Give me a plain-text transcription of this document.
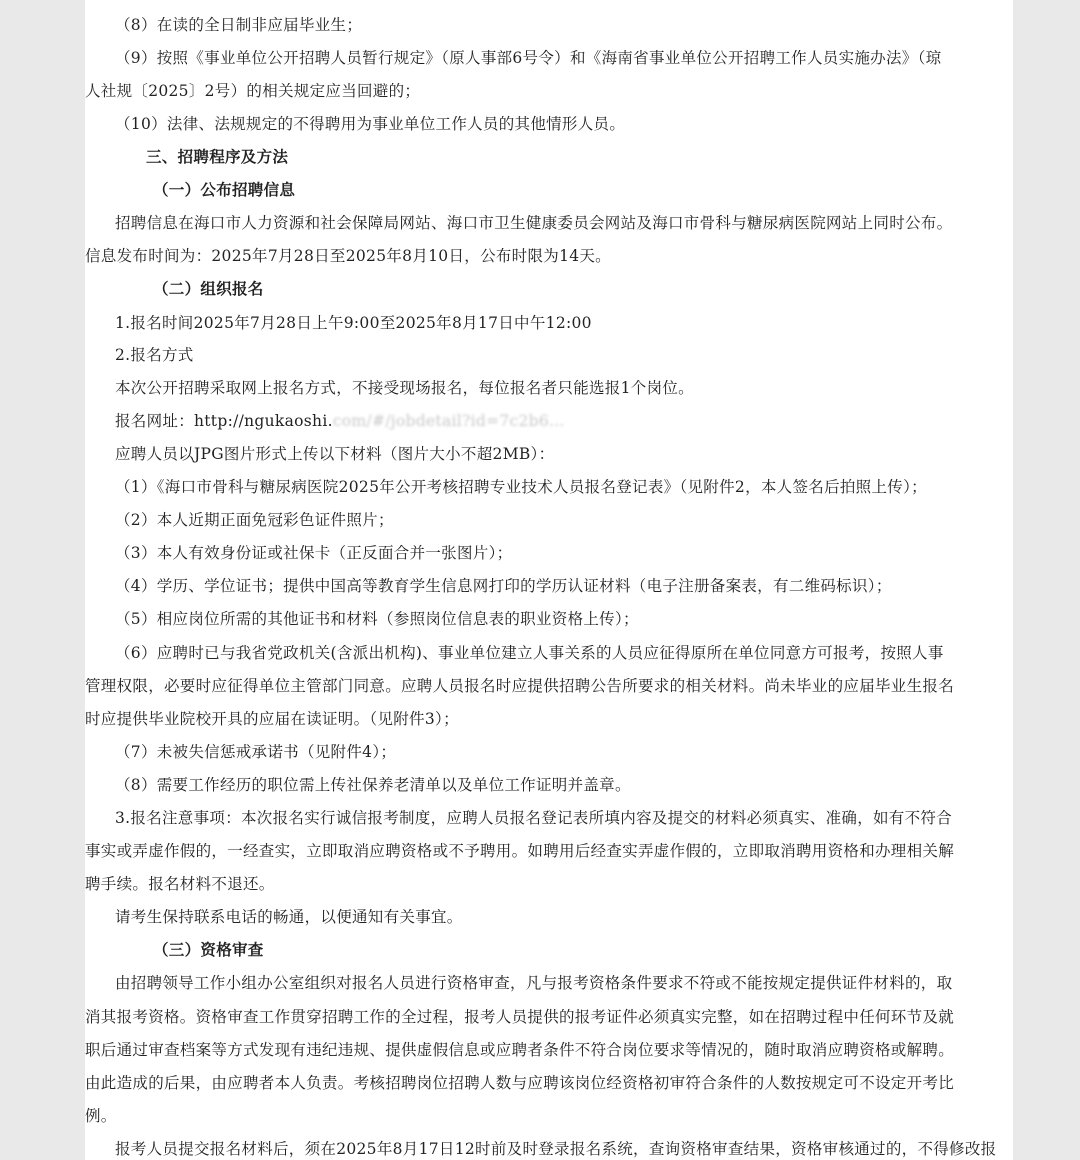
（8）在读的全日制非应届毕业生；
（9）按照《事业单位公开招聘人员暂行规定》（原人事部6号令）和《海南省事业单位公开招聘工作人员实施办法》（琼
人社规〔2025〕2号）的相关规定应当回避的；
（10）法律、法规规定的不得聘用为事业单位工作人员的其他情形人员。
三、招聘程序及方法
（一）公布招聘信息
招聘信息在海口市人力资源和社会保障局网站、海口市卫生健康委员会网站及海口市骨科与糖尿病医院网站上同时公布。
信息发布时间为：2025年7月28日至2025年8月10日，公布时限为14天。
（二）组织报名
1.报名时间2025年7月28日上午9:00至2025年8月17日中午12:00
2.报名方式
本次公开招聘采取网上报名方式，不接受现场报名，每位报名者只能选报1个岗位。
报名网址：http://ngukaoshi.com/#/jobdetail?id=7c2b6...
应聘人员以JPG图片形式上传以下材料（图片大小不超2MB）：
（1）《海口市骨科与糖尿病医院2025年公开考核招聘专业技术人员报名登记表》（见附件2，本人签名后拍照上传）；
（2）本人近期正面免冠彩色证件照片；
（3）本人有效身份证或社保卡（正反面合并一张图片）；
（4）学历、学位证书；提供中国高等教育学生信息网打印的学历认证材料（电子注册备案表，有二维码标识）；
（5）相应岗位所需的其他证书和材料（参照岗位信息表的职业资格上传）；
（6）应聘时已与我省党政机关(含派出机构)、事业单位建立人事关系的人员应征得原所在单位同意方可报考，按照人事
管理权限，必要时应征得单位主管部门同意。应聘人员报名时应提供招聘公告所要求的相关材料。尚未毕业的应届毕业生报名
时应提供毕业院校开具的应届在读证明。（见附件3）；
（7）未被失信惩戒承诺书（见附件4）；
（8）需要工作经历的职位需上传社保养老清单以及单位工作证明并盖章。
3.报名注意事项：本次报名实行诚信报考制度，应聘人员报名登记表所填内容及提交的材料必须真实、准确，如有不符合
事实或弄虚作假的，一经查实，立即取消应聘资格或不予聘用。如聘用后经查实弄虚作假的，立即取消聘用资格和办理相关解
聘手续。报名材料不退还。
请考生保持联系电话的畅通，以便通知有关事宜。
（三）资格审查
由招聘领导工作小组办公室组织对报名人员进行资格审查，凡与报考资格条件要求不符或不能按规定提供证件材料的，取
消其报考资格。资格审查工作贯穿招聘工作的全过程，报考人员提供的报考证件必须真实完整，如在招聘过程中任何环节及就
职后通过审查档案等方式发现有违纪违规、提供虚假信息或应聘者条件不符合岗位要求等情况的，随时取消应聘资格或解聘。
由此造成的后果，由应聘者本人负责。考核招聘岗位招聘人数与应聘该岗位经资格初审符合条件的人数按规定可不设定开考比
例。
报考人员提交报名材料后，须在2025年8月17日12时前及时登录报名系统，查询资格审查结果，资格审核通过的，不得修改报
